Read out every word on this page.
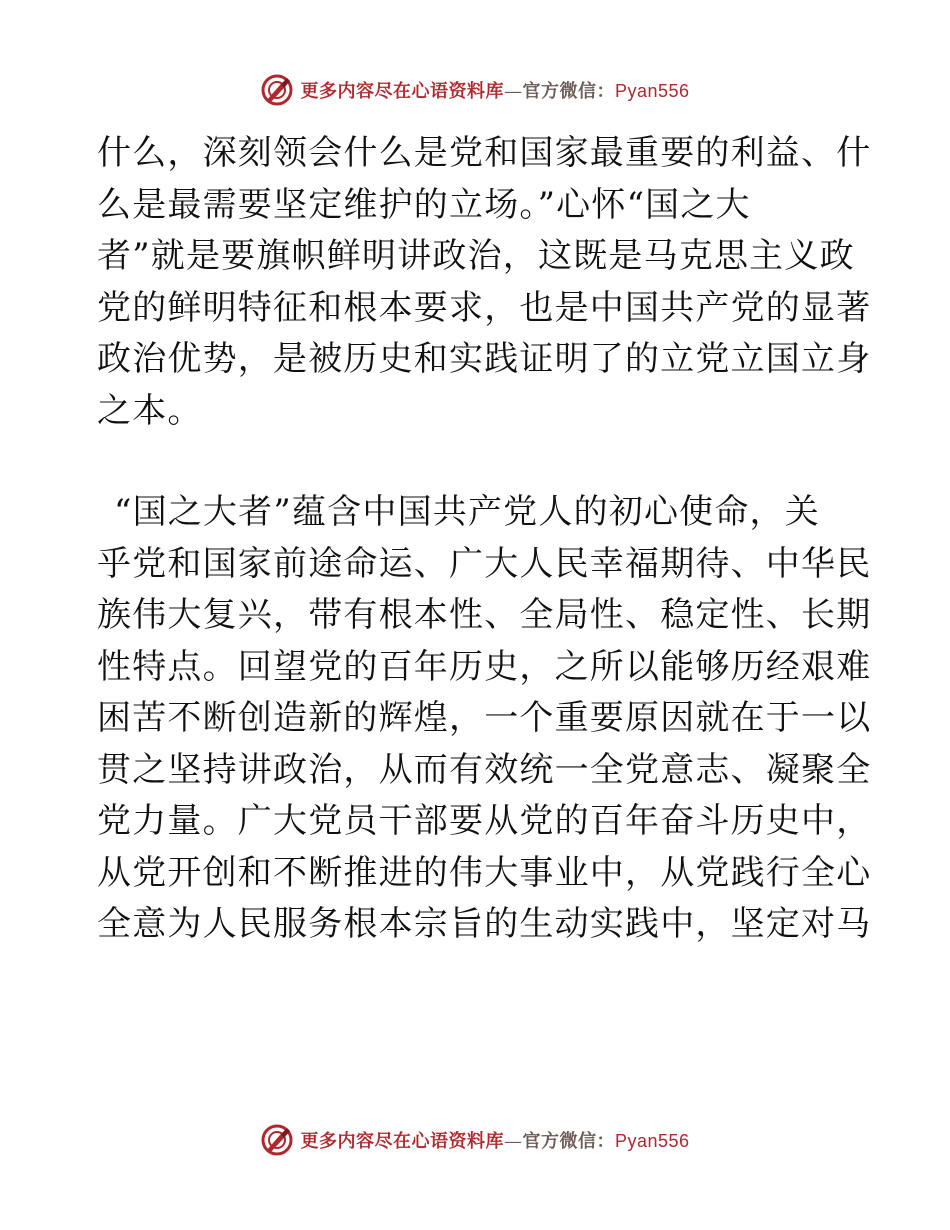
更多内容尽在心语资料库—官方微信：Pyan556
什么，深刻领会什么是党和国家最重要的利益、什
么是最需要坚定维护的立场。”心怀“国之大
者”就是要旗帜鲜明讲政治，这既是马克思主义政
党的鲜明特征和根本要求，也是中国共产党的显著
政治优势，是被历史和实践证明了的立党立国立身
之本。
“国之大者”蕴含中国共产党人的初心使命，关
乎党和国家前途命运、广大人民幸福期待、中华民
族伟大复兴，带有根本性、全局性、稳定性、长期
性特点。回望党的百年历史，之所以能够历经艰难
困苦不断创造新的辉煌，一个重要原因就在于一以
贯之坚持讲政治，从而有效统一全党意志、凝聚全
党力量。广大党员干部要从党的百年奋斗历史中，
从党开创和不断推进的伟大事业中，从党践行全心
全意为人民服务根本宗旨的生动实践中，坚定对马
更多内容尽在心语资料库—官方微信：Pyan556
